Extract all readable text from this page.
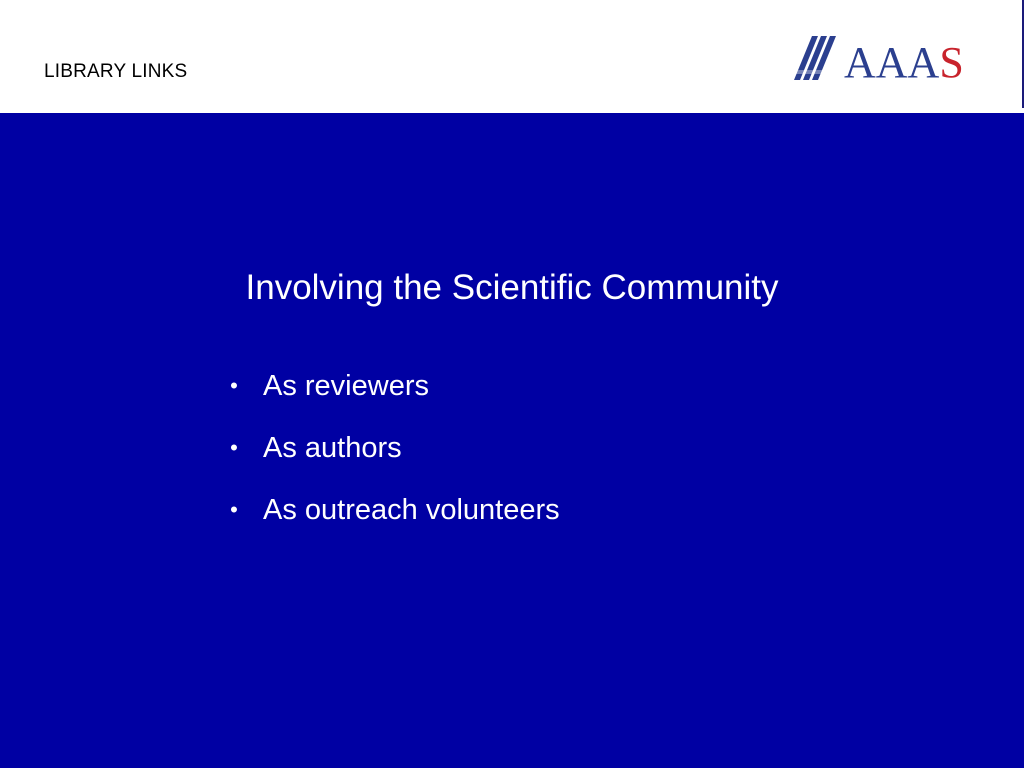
LIBRARY LINKS	AAAS
Involving the Scientific Community
• As reviewers
• As authors
• As outreach volunteers
